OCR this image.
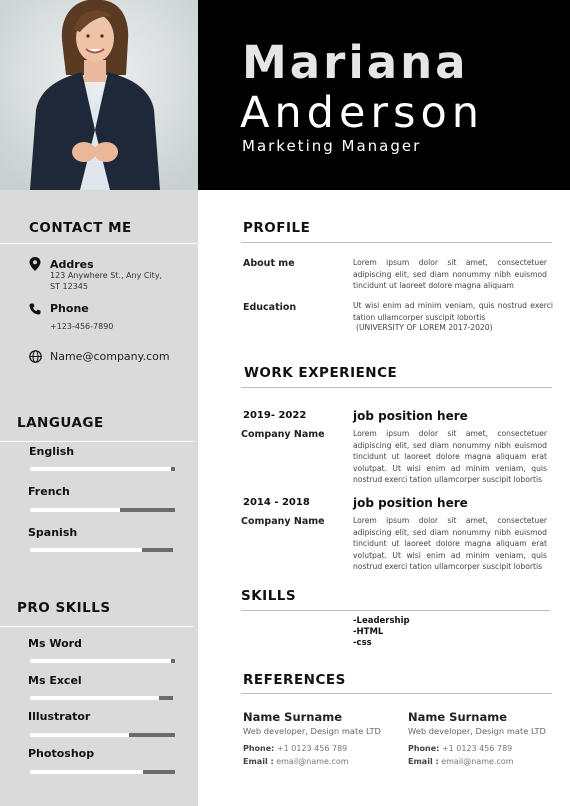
Mariana
Anderson
Marketing Manager
CONTACT ME
Addres
123 Anywhere St., Any City,
ST 12345
Phone
+123-456-7890
Name@company.com
LANGUAGE
English
French
Spanish
PRO SKILLS
Ms Word
Ms Excel
Illustrator
Photoshop
PROFILE
About me	Lorem ipsum dolor sit amet, consectetuer adipiscing elit, sed diam nonummy nibh euismod tincidunt ut laoreet dolore magna aliquam
Education	Ut wisi enim ad minim veniam, quis nostrud exerci tation ullamcorper suscipit lobortis
(UNIVERSITY OF LOREM 2017-2020)
WORK EXPERIENCE
2019- 2022	job position here
Company Name	Lorem ipsum dolor sit amet, consectetuer adipiscing elit, sed diam nonummy nibh euismod tincidunt ut laoreet dolore magna aliquam erat volutpat. Ut wisi enim ad minim veniam, quis nostrud exerci tation ullamcorper suscipit lobortis
2014 - 2018	job position here
Company Name	Lorem ipsum dolor sit amet, consectetuer adipiscing elit, sed diam nonummy nibh euismod tincidunt ut laoreet dolore magna aliquam erat volutpat. Ut wisi enim ad minim veniam, quis nostrud exerci tation ullamcorper suscipit lobortis
SKILLS
-Leadership
-HTML
-css
REFERENCES
Name Surname
Web developer, Design mate LTD
Phone: +1 0123 456 789
Email : email@name.com
Name Surname
Web developer, Design mate LTD
Phone: +1 0123 456 789
Email : email@name.com
